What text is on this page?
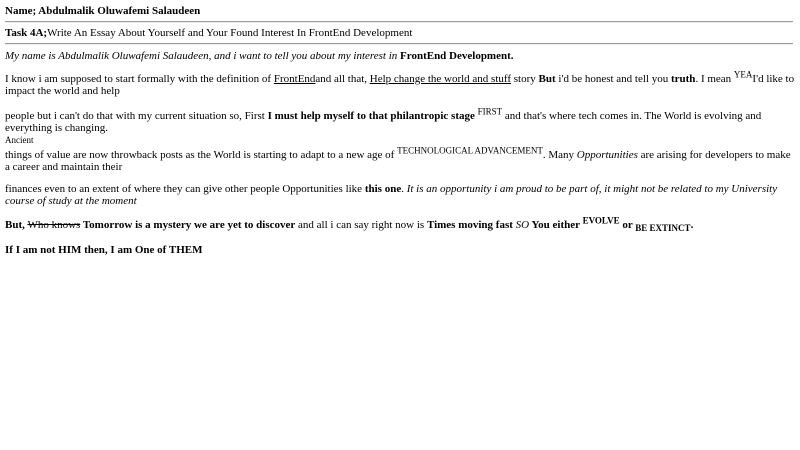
Name; Abdulmalik Oluwafemi Salaudeen

Task 4A;Write An Essay About Yourself and Your Found Interest In FrontEnd Development

My name is Abdulmalik Oluwafemi Salaudeen, and i want to tell you about my interest in FrontEnd Development.

I know i am supposed to start formally with the definition of FrontEndand all that, Help change the world and stuff story But i'd be honest and tell you truth. I mean $^{YEA}$I'd like to impact the world and help

people but i can't do that with my current situation so, First I must help myself to that philantropic stage $^{FIRST}$ and that's where tech comes in. The World is evolving and everything is changing.
Ancient

things of value are now throwback posts as the World is starting to adapt to a new age of $^{TECHNOLOGICAL ADVANCEMENT}$. Many Opportunities are arising for developers to make a career and maintain their

finances even to an extent of where they can give other people Opportunities like this one. It is an opportunity i am proud to be part of, it might not be related to my University course of study at the moment

But, Who knows Tomorrow is a mystery we are yet to discover and all i can say right now is Times moving fast SO You either $^{EVOLVE}$ or $_{BE EXTINCT}$.

If I am not HIM then, I am One of THEM
